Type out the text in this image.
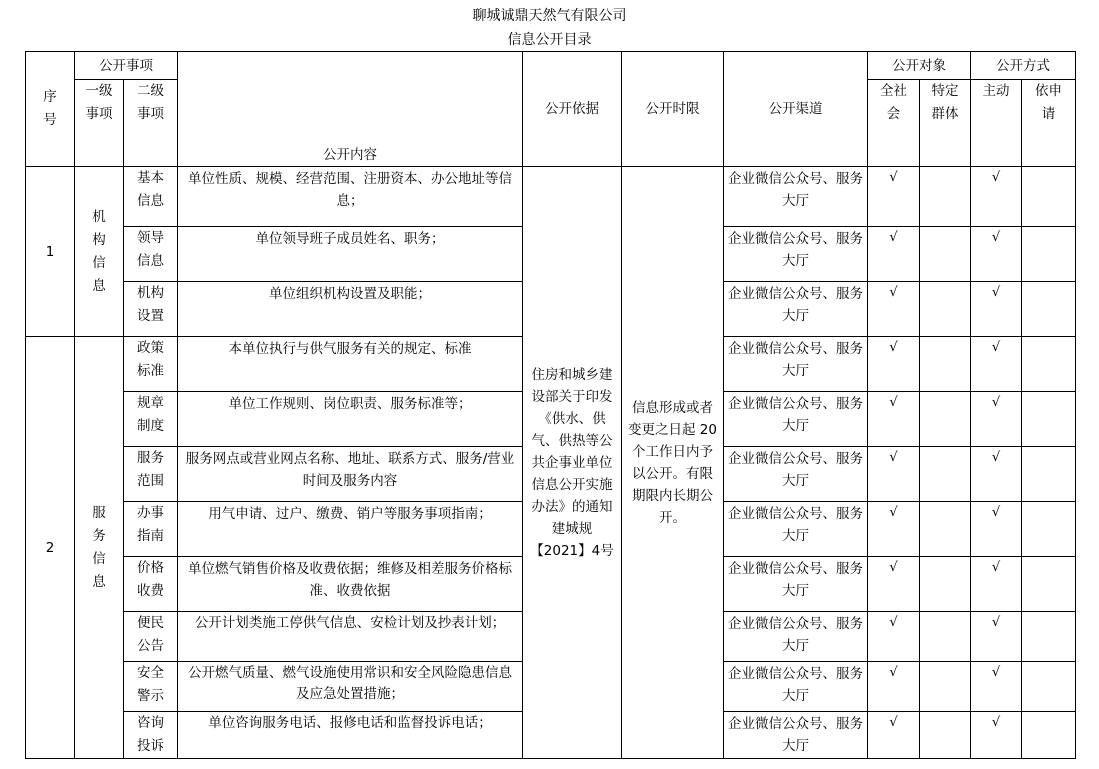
聊城诚鼎天然气有限公司
信息公开目录
序号	公开事项		公开内容	公开依据	公开时限	公开渠道	公开对象		公开方式	
	一级事项	二级事项					全社会	特定群体	主动	依申请
1	机构信息	基本信息	单位性质、规模、经营范围、注册资本、办公地址等信息；	住房和城乡建设部关于印发《供水、供气、供热等公共企事业单位信息公开实施办法》的通知建城规【2021】4号	信息形成或者变更之日起 20 个工作日内予以公开。有限期限内长期公开。	企业微信公众号、服务大厅	√		√	
		领导信息	单位领导班子成员姓名、职务；			企业微信公众号、服务大厅	√		√	
		机构设置	单位组织机构设置及职能；			企业微信公众号、服务大厅	√		√	
2	服务信息	政策标准	本单位执行与供气服务有关的规定、标准			企业微信公众号、服务大厅	√		√	
		规章制度	单位工作规则、岗位职责、服务标准等；			企业微信公众号、服务大厅	√		√	
		服务范围	服务网点或营业网点名称、地址、联系方式、服务/营业时间及服务内容			企业微信公众号、服务大厅	√		√	
		办事指南	用气申请、过户、缴费、销户等服务事项指南；			企业微信公众号、服务大厅	√		√	
		价格收费	单位燃气销售价格及收费依据；维修及相差服务价格标准、收费依据			企业微信公众号、服务大厅	√		√	
		便民公告	公开计划类施工停供气信息、安检计划及抄表计划；			企业微信公众号、服务大厅	√		√	
		安全警示	公开燃气质量、燃气设施使用常识和安全风险隐患信息及应急处置措施；			企业微信公众号、服务大厅	√		√	
		咨询投诉	单位咨询服务电话、报修电话和监督投诉电话；			企业微信公众号、服务大厅	√		√	
